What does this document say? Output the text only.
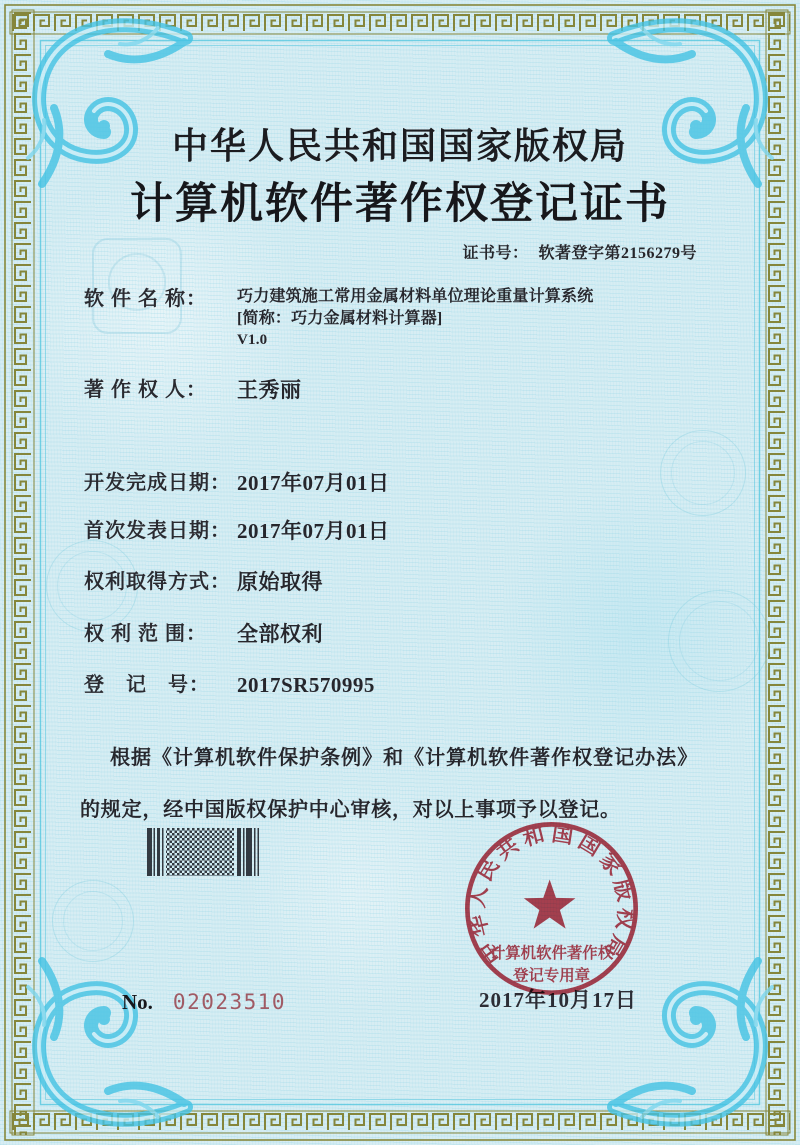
中华人民共和国国家版权局
计算机软件著作权登记证书
证书号： 软著登字第2156279号
软 件 名 称： 巧力建筑施工常用金属材料单位理论重量计算系统
[简称：巧力金属材料计算器]
V1.0
著 作 权 人： 王秀丽
开发完成日期： 2017年07月01日
首次发表日期： 2017年07月01日
权利取得方式： 原始取得
权 利 范 围： 全部权利
登　记　号： 2017SR570995

根据《计算机软件保护条例》和《计算机软件著作权登记办法》的规定，经中国版权保护中心审核，对以上事项予以登记。

2017年10月17日
No. 02023510
中华人民共和国国家版权局
计算机软件著作权
登记专用章
